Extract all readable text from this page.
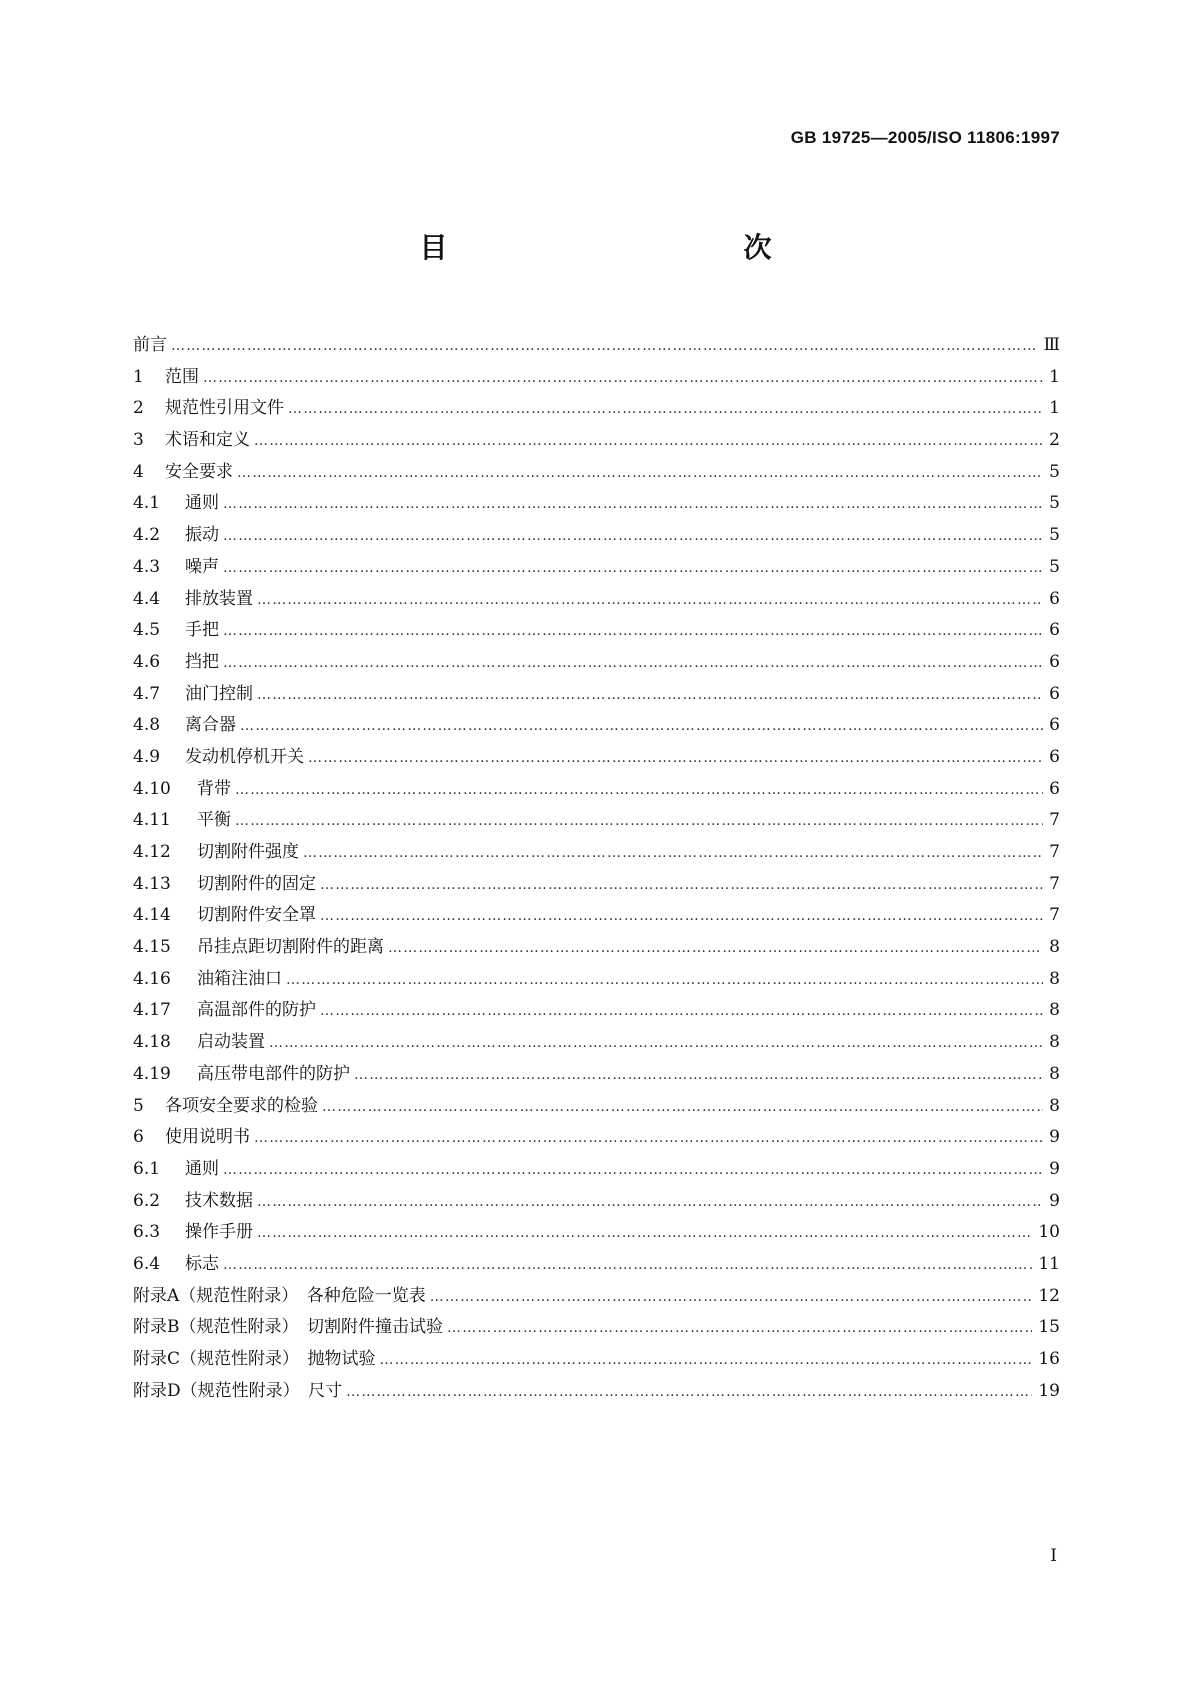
GB 19725—2005/ISO 11806:1997
目　　次
前言 …………………………………………………………………………………………………………………………………………………………………………………………	Ⅲ
1	范围 …………………………………………………………………………………………………………………………………………………………………………………………	1
2	规范性引用文件 …………………………………………………………………………………………………………………………………………………………………………………………	1
3	术语和定义 …………………………………………………………………………………………………………………………………………………………………………………………	2
4	安全要求 …………………………………………………………………………………………………………………………………………………………………………………………	5
4.1	通则 …………………………………………………………………………………………………………………………………………………………………………………………	5
4.2	振动 …………………………………………………………………………………………………………………………………………………………………………………………	5
4.3	噪声 …………………………………………………………………………………………………………………………………………………………………………………………	5
4.4	排放装置 …………………………………………………………………………………………………………………………………………………………………………………………	6
4.5	手把 …………………………………………………………………………………………………………………………………………………………………………………………	6
4.6	挡把 …………………………………………………………………………………………………………………………………………………………………………………………	6
4.7	油门控制 …………………………………………………………………………………………………………………………………………………………………………………………	6
4.8	离合器 …………………………………………………………………………………………………………………………………………………………………………………………	6
4.9	发动机停机开关 …………………………………………………………………………………………………………………………………………………………………………………………	6
4.10	背带 …………………………………………………………………………………………………………………………………………………………………………………………	6
4.11	平衡 …………………………………………………………………………………………………………………………………………………………………………………………	7
4.12	切割附件强度 …………………………………………………………………………………………………………………………………………………………………………………………	7
4.13	切割附件的固定 …………………………………………………………………………………………………………………………………………………………………………………………	7
4.14	切割附件安全罩 …………………………………………………………………………………………………………………………………………………………………………………………	7
4.15	吊挂点距切割附件的距离 …………………………………………………………………………………………………………………………………………………………………………………………	8
4.16	油箱注油口 …………………………………………………………………………………………………………………………………………………………………………………………	8
4.17	高温部件的防护 …………………………………………………………………………………………………………………………………………………………………………………………	8
4.18	启动装置 …………………………………………………………………………………………………………………………………………………………………………………………	8
4.19	高压带电部件的防护 …………………………………………………………………………………………………………………………………………………………………………………………	8
5	各项安全要求的检验 …………………………………………………………………………………………………………………………………………………………………………………………	8
6	使用说明书 …………………………………………………………………………………………………………………………………………………………………………………………	9
6.1	通则 …………………………………………………………………………………………………………………………………………………………………………………………	9
6.2	技术数据 …………………………………………………………………………………………………………………………………………………………………………………………	9
6.3	操作手册 …………………………………………………………………………………………………………………………………………………………………………………………	10
6.4	标志 …………………………………………………………………………………………………………………………………………………………………………………………	11
附录A（规范性附录）　各种危险一览表 …………………………………………………………………………………………………………………………………………………………………………………………	12
附录B（规范性附录）　切割附件撞击试验 …………………………………………………………………………………………………………………………………………………………………………………………	15
附录C（规范性附录）　抛物试验 …………………………………………………………………………………………………………………………………………………………………………………………	16
附录D（规范性附录）　尺寸 …………………………………………………………………………………………………………………………………………………………………………………………	19
I
